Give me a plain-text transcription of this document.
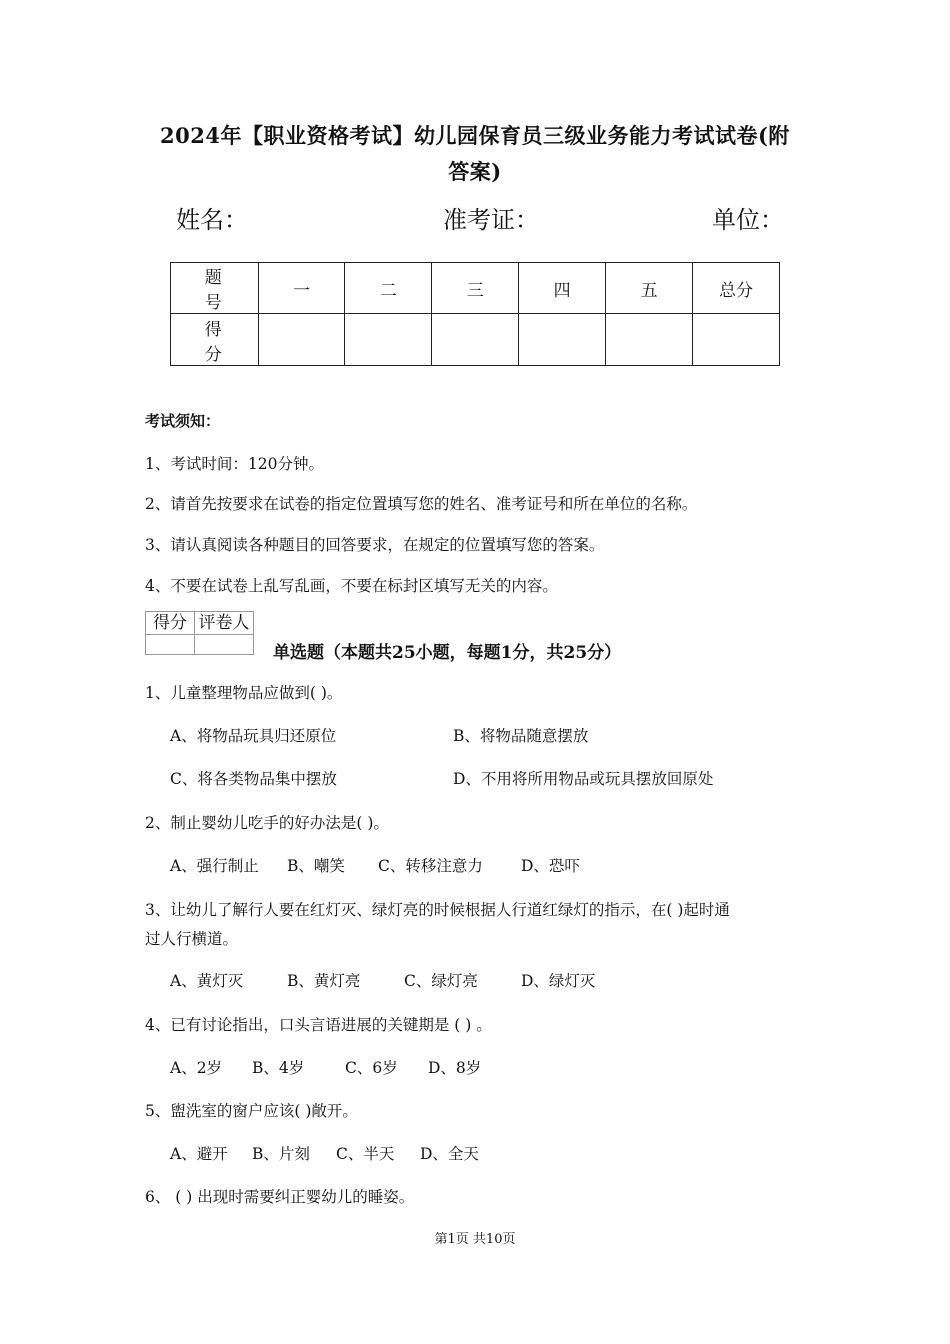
2024年【职业资格考试】幼儿园保育员三级业务能力考试试卷(附
答案)
姓名：	准考证：	单位：
题 号	一	二	三	四	五	总分
得 分						
考试须知：
1、考试时间：120分钟。
2、请首先按要求在试卷的指定位置填写您的姓名、准考证号和所在单位的名称。
3、请认真阅读各种题目的回答要求，在规定的位置填写您的答案。
4、不要在试卷上乱写乱画，不要在标封区填写无关的内容。
得分	评卷人

单选题（本题共25小题，每题1分，共25分）
1、儿童整理物品应做到( )。
A、将物品玩具归还原位	B、将物品随意摆放
C、将各类物品集中摆放	D、不用将所用物品或玩具摆放回原处
2、制止婴幼儿吃手的好办法是( )。
A、强行制止 B、嘲笑 C、转移注意力 D、恐吓
3、让幼儿了解行人要在红灯灭、绿灯亮的时候根据人行道红绿灯的指示，在( )起时通
过人行横道。
A、黄灯灭	B、黄灯亮	C、绿灯亮	D、绿灯灭
4、已有讨论指出，口头言语进展的关键期是 ( ) 。
A、2岁 B、4岁	C、6岁 D、8岁
5、盥洗室的窗户应该( )敞开。
A、避开 B、片刻 C、半天 D、全天
6、 ( ) 出现时需要纠正婴幼儿的睡姿。
第1页 共10页
